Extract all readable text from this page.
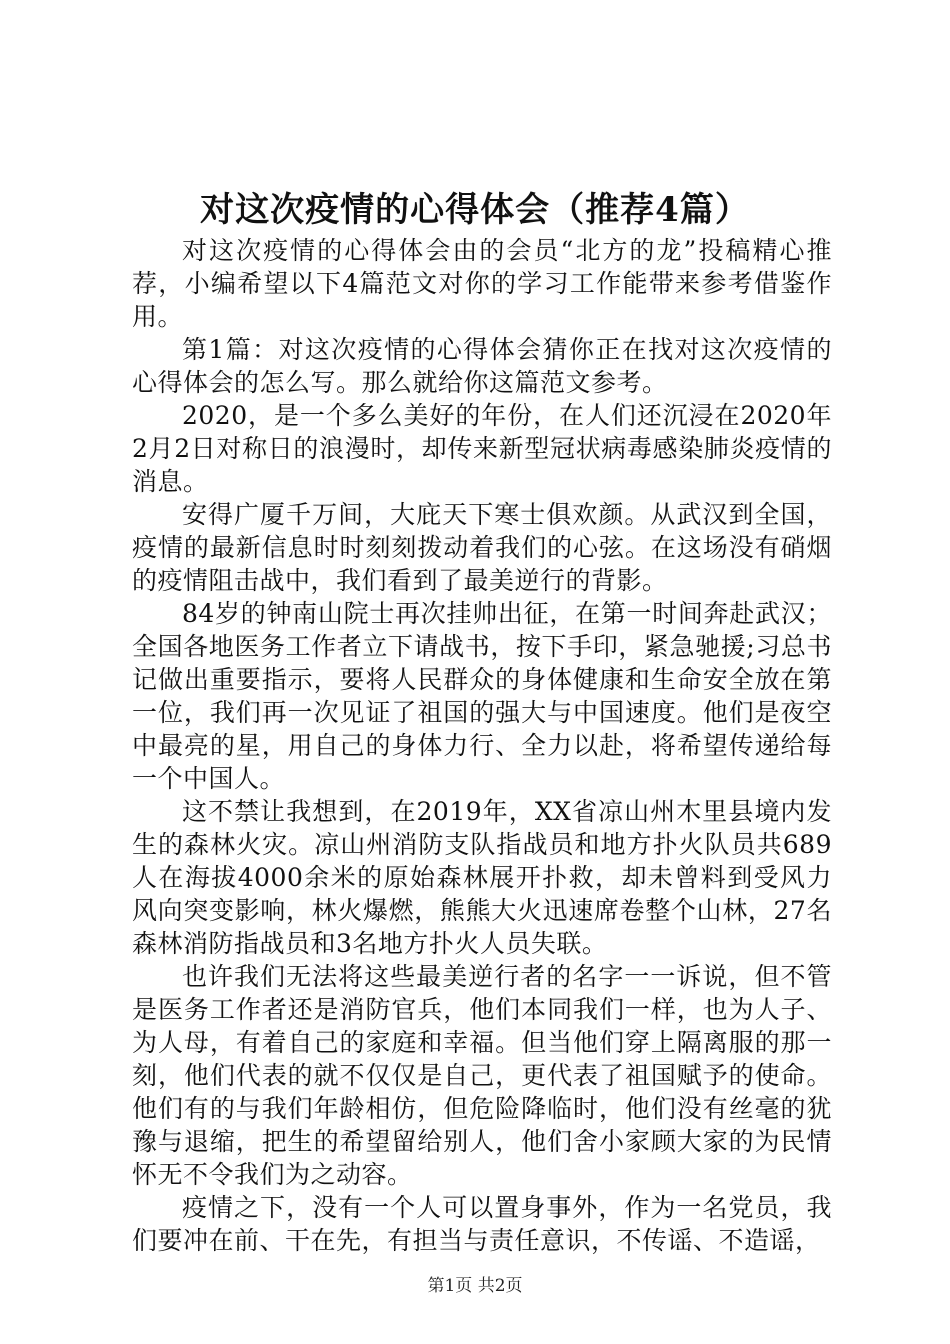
对这次疫情的心得体会（推荐4篇）

对这次疫情的心得体会由的会员“北方的龙”投稿精心推荐，小编希望以下4篇范文对你的学习工作能带来参考借鉴作用。

第1篇：对这次疫情的心得体会猜你正在找对这次疫情的心得体会的怎么写。那么就给你这篇范文参考。

2020，是一个多么美好的年份，在人们还沉浸在2020年2月2日对称日的浪漫时，却传来新型冠状病毒感染肺炎疫情的消息。

安得广厦千万间，大庇天下寒士俱欢颜。从武汉到全国，疫情的最新信息时时刻刻拨动着我们的心弦。在这场没有硝烟的疫情阻击战中，我们看到了最美逆行的背影。

84岁的钟南山院士再次挂帅出征，在第一时间奔赴武汉；全国各地医务工作者立下请战书，按下手印，紧急驰援;习总书记做出重要指示，要将人民群众的身体健康和生命安全放在第一位，我们再一次见证了祖国的强大与中国速度。他们是夜空中最亮的星，用自己的身体力行、全力以赴，将希望传递给每一个中国人。

这不禁让我想到，在2019年，XX省凉山州木里县境内发生的森林火灾。凉山州消防支队指战员和地方扑火队员共689人在海拔4000余米的原始森林展开扑救，却未曾料到受风力风向突变影响，林火爆燃，熊熊大火迅速席卷整个山林，27名森林消防指战员和3名地方扑火人员失联。

也许我们无法将这些最美逆行者的名字一一诉说，但不管是医务工作者还是消防官兵，他们本同我们一样，也为人子、为人母，有着自己的家庭和幸福。但当他们穿上隔离服的那一刻，他们代表的就不仅仅是自己，更代表了祖国赋予的使命。他们有的与我们年龄相仿，但危险降临时，他们没有丝毫的犹豫与退缩，把生的希望留给别人，他们舍小家顾大家的为民情怀无不令我们为之动容。

疫情之下，没有一个人可以置身事外，作为一名党员，我们要冲在前、干在先，有担当与责任意识，不传谣、不造谣，

第1页 共2页
